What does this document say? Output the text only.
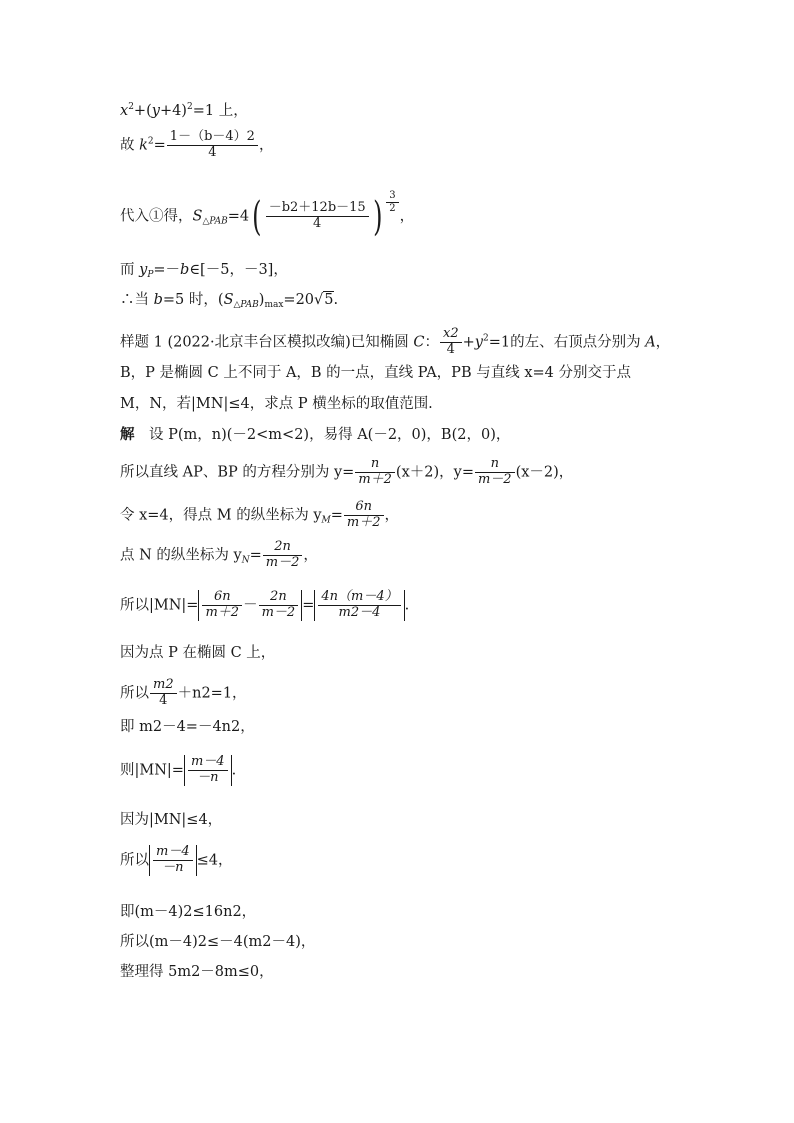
$x^2+(y+4)^2=1$ 上，
故 $k^2= \frac{1-(b-4)2}{4}$ ，
代入①得，$S_{\triangle PAB}=4( \frac{-b2+12b-15}{4}$ ) $\frac{3}{2}$
，
而 $y_P=-b\in[-5$，－3]，
∴当 b=5 时，$(S_{\triangle PAB})_{max}=20√5$.
样题 1 (2022·北京丰台区模拟改编)已知椭圆 C： $\frac{x2}{4} +y^2=1$的左、右顶点分别为 A，
B，P 是椭圆 C 上不同于 A，B 的一点，直线 PA，PB 与直线 x=4 分别交于点
M，N，若|MN|≤4，求点 P 横坐标的取值范围.
解　设 P(m，n)(－2<m<2)，易得 A(－2，0)，B(2，0)，
所以直线 AP、BP 的方程分别为 $y= \frac{n}{m+2} (x+2)$，$y= \frac{n}{m-2} (x-2)$，
令 x=4，得点 M 的纵坐标为 $y_M= \frac{6n}{m+2}$ ，
点 N 的纵坐标为 $y_N= \frac{2n}{m-2}$ ，
所以$|MN|= \frac{6n}{m+2} - \frac{2n}{m-2} = \frac{4n(m-4)}{m2-4}$ .
因为点 P 在椭圆 C 上，
所以 $\frac{m2}{4} +n2=1$，
即 m2－4=－4n2，
则$|MN|= \frac{m-4}{-n}$ .
因为|MN|≤4，
所以 $\frac{m-4}{-n} \le 4$，
即(m－4)2≤16n2，
所以(m－4)2≤－4(m2－4)，
整理得 5m2－8m≤0，
